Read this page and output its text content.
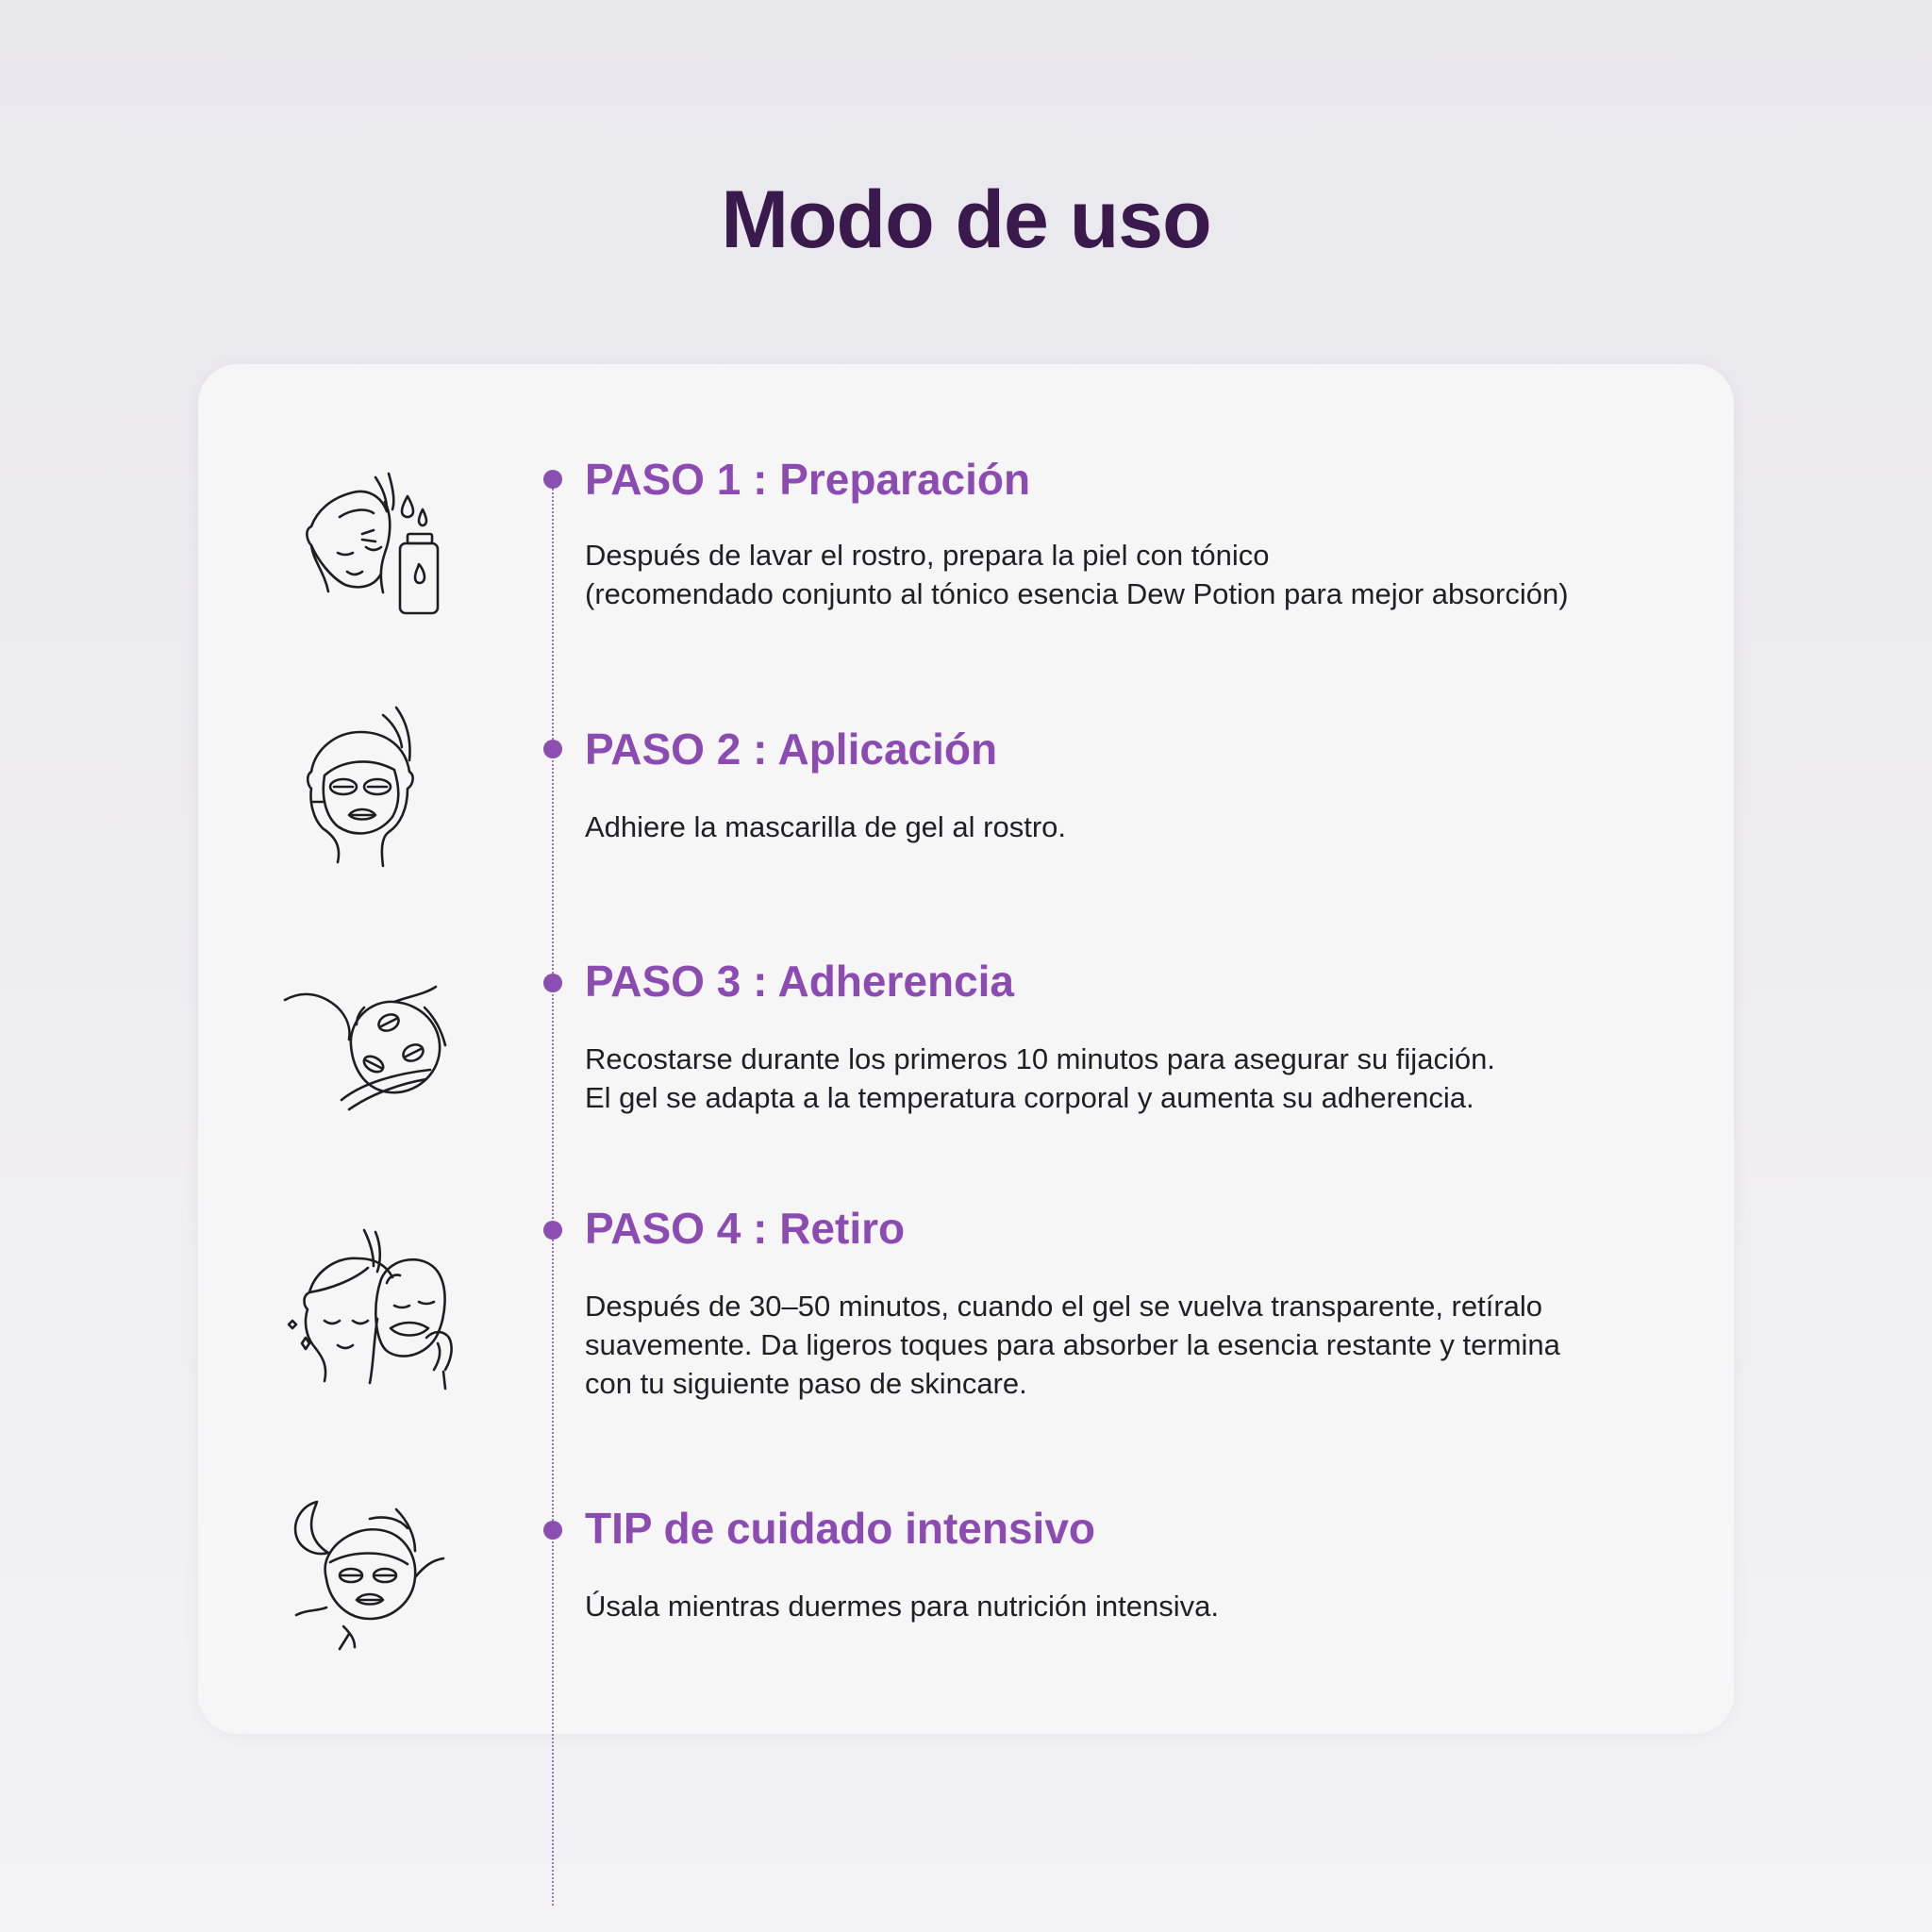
Modo de uso
PASO 1 : Preparación

Después de lavar el rostro, prepara la piel con tónico
(recomendado conjunto al tónico esencia Dew Potion para mejor absorción)

PASO 2 : Aplicación

Adhiere la mascarilla de gel al rostro.

PASO 3 : Adherencia

Recostarse durante los primeros 10 minutos para asegurar su fijación.
El gel se adapta a la temperatura corporal y aumenta su adherencia.

PASO 4 : Retiro

Después de 30–50 minutos, cuando el gel se vuelva transparente, retíralo
suavemente. Da ligeros toques para absorber la esencia restante y termina
con tu siguiente paso de skincare.

TIP de cuidado intensivo

Úsala mientras duermes para nutrición intensiva.
